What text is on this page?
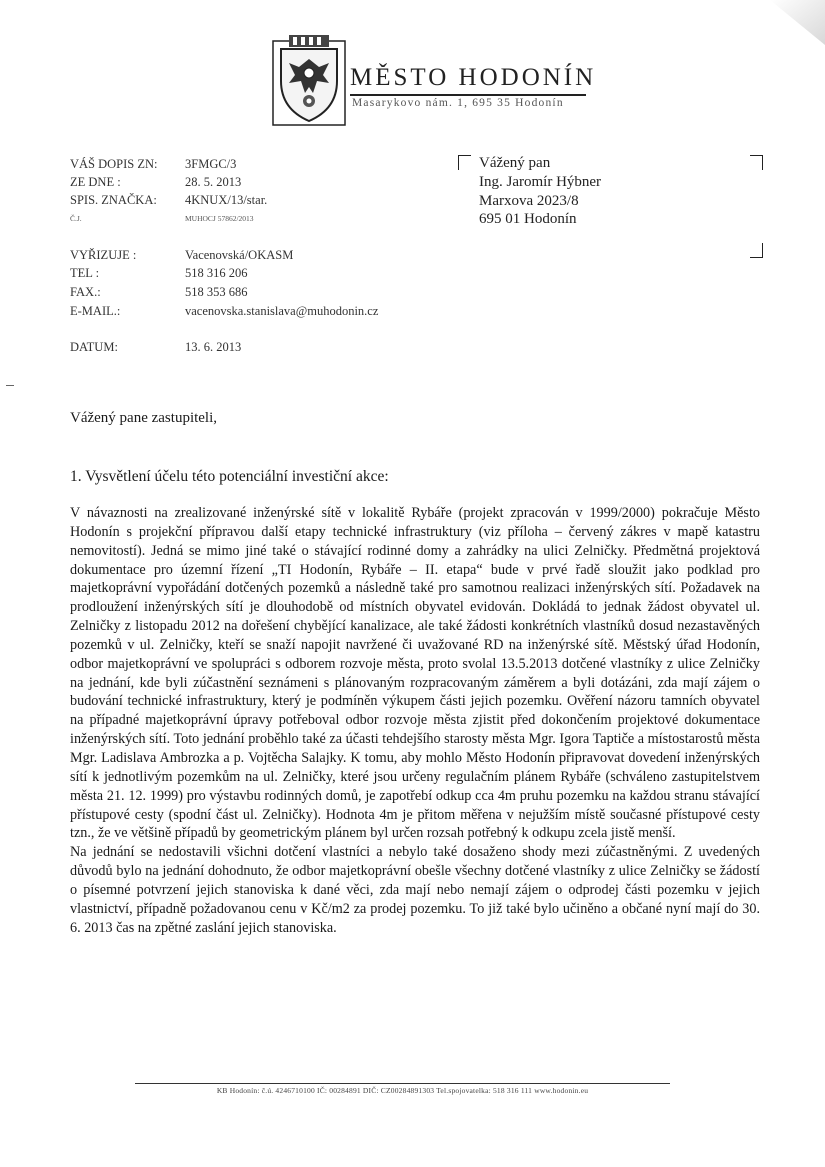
MĚSTO HODONÍN
Masarykovo nám. 1, 695 35 Hodonín
VÁŠ DOPIS ZN: 3FMGC/3
ZE DNE :	28. 5. 2013
SPIS. ZNAČKA: 4KNUX/13/star.
Č.J.	MUHOCJ 57862/2013
VYŘIZUJE :	Vacenovská/OKASM
TEL :	518 316 206
FAX.:	518 353 686
E-MAIL.:	vacenovska.stanislava@muhodonin.cz
DATUM:	13. 6. 2013
Vážený pan
Ing. Jaromír Hýbner
Marxova 2023/8
695 01 Hodonín
Vážený pane zastupiteli,
1. Vysvětlení účelu této potenciální investiční akce:

V návaznosti na zrealizované inženýrské sítě v lokalitě Rybáře (projekt zpracován v 1999/2000) pokračuje Město Hodonín s projekční přípravou další etapy technické infrastruktury (viz příloha – červený zákres v mapě katastru nemovitostí). Jedná se mimo jiné také o stávající rodinné domy a zahrádky na ulici Zelničky. Předmětná projektová dokumentace pro územní řízení „TI Hodonín, Rybáře – II. etapa“ bude v prvé řadě sloužit jako podklad pro majetkoprávní vypořádání dotčených pozemků a následně také pro samotnou realizaci inženýrských sítí. Požadavek na prodloužení inženýrských sítí je dlouhodobě od místních obyvatel evidován. Dokládá to jednak žádost obyvatel ul. Zelničky z listopadu 2012 na dořešení chybějící kanalizace, ale také žádosti konkrétních vlastníků dosud nezastavěných pozemků v ul. Zelničky, kteří se snaží napojit navržené či uvažované RD na inženýrské sítě. Městský úřad Hodonín, odbor majetkoprávní ve spolupráci s odborem rozvoje města, proto svolal 13.5.2013 dotčené vlastníky z ulice Zelničky na jednání, kde byli zúčastnění seznámeni s plánovaným rozpracovaným záměrem a byli dotázáni, zda mají zájem o budování technické infrastruktury, který je podmíněn výkupem části jejich pozemku. Ověření názoru tamních obyvatel na případné majetkoprávní úpravy potřeboval odbor rozvoje města zjistit před dokončením projektové dokumentace inženýrských sítí. Toto jednání proběhlo také za účasti tehdejšího starosty města Mgr. Igora Taptiče a místostarostů města Mgr. Ladislava Ambrozka a p. Vojtěcha Salajky. K tomu, aby mohlo Město Hodonín připravovat dovedení inženýrských sítí k jednotlivým pozemkům na ul. Zelničky, které jsou určeny regulačním plánem Rybáře (schváleno zastupitelstvem města 21. 12. 1999) pro výstavbu rodinných domů, je zapotřebí odkup cca 4m pruhu pozemku na každou stranu stávající přístupové cesty (spodní část ul. Zelničky). Hodnota 4m je přitom měřena v nejužším místě současné přístupové cesty tzn., že ve většině případů by geometrickým plánem byl určen rozsah potřebný k odkupu zcela jistě menší.

Na jednání se nedostavili všichni dotčení vlastníci a nebylo také dosaženo shody mezi zúčastněnými. Z uvedených důvodů bylo na jednání dohodnuto, že odbor majetkoprávní obešle všechny dotčené vlastníky z ulice Zelničky se žádostí o písemné potvrzení jejich stanoviska k dané věci, zda mají nebo nemají zájem o odprodej části pozemku v jejich vlastnictví, případně požadovanou cenu v Kč/m2 za prodej pozemku. To již také bylo učiněno a občané nyní mají do 30. 6. 2013 čas na zpětné zaslání jejich stanoviska.

KB Hodonín: č.ú. 4246710100 IČ: 00284891 DIČ: CZ00284891303 Tel.spojovatelka: 518 316 111 www.hodonin.eu
